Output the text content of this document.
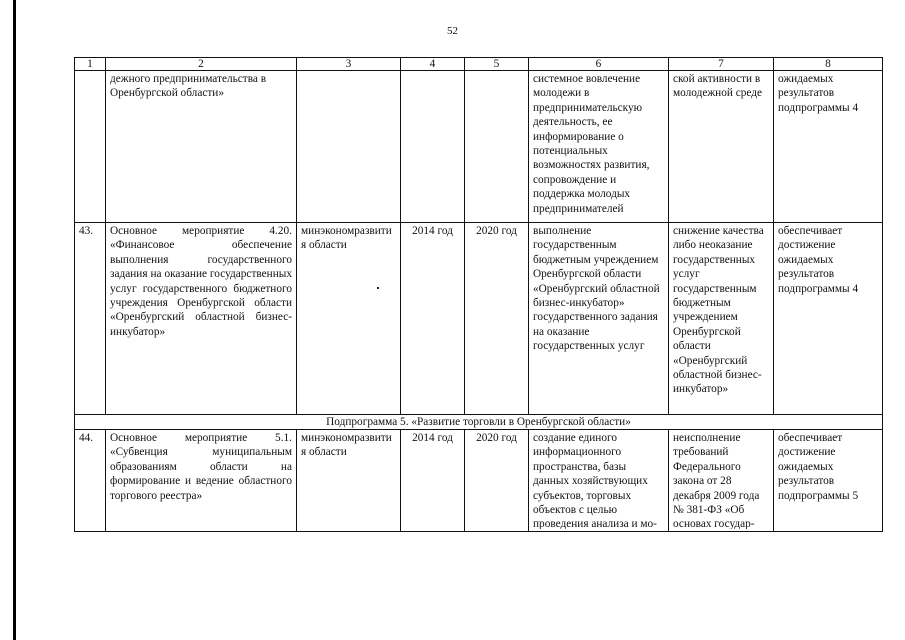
52
1	2	3	4	5	6	7	8
	дежного предпринимательства в Оренбургской области»				системное вовлечение молодежи в предпринимательскую деятельность, ее информирование о потенциальных возможностях развития, сопровождение и поддержка молодых предпринимателей	ской активности в молодежной среде	ожидаемых результатов подпрограммы 4
43.	Основное мероприятие 4.20. «Финансовое обеспечение выполнения государственного задания на оказание государственных услуг государственного бюджетного учреждения Оренбургской области «Оренбургский областной бизнес-инкубатор»	минэкономразвития области	2014 год	2020 год	выполнение государственным бюджетным учреждением Оренбургской области «Оренбургский областной бизнес-инкубатор» государственного задания на оказание государственных услуг	снижение качества либо неоказание государственных услуг государственным бюджетным учреждением Оренбургской области «Оренбургский областной бизнес-инкубатор»	обеспечивает достижение ожидаемых результатов подпрограммы 4
Подпрограмма 5. «Развитие торговли в Оренбургской области»							
44.	Основное мероприятие 5.1. «Субвенция муниципальным образованиям области на формирование и ведение областного торгового реестра»	минэкономразвития области	2014 год	2020 год	создание единого информационного пространства, базы данных хозяйствующих субъектов, торговых объектов с целью проведения анализа и мо-	неисполнение требований Федерального закона от 28 декабря 2009 года № 381-ФЗ «Об основах государ-	обеспечивает достижение ожидаемых результатов подпрограммы 5
